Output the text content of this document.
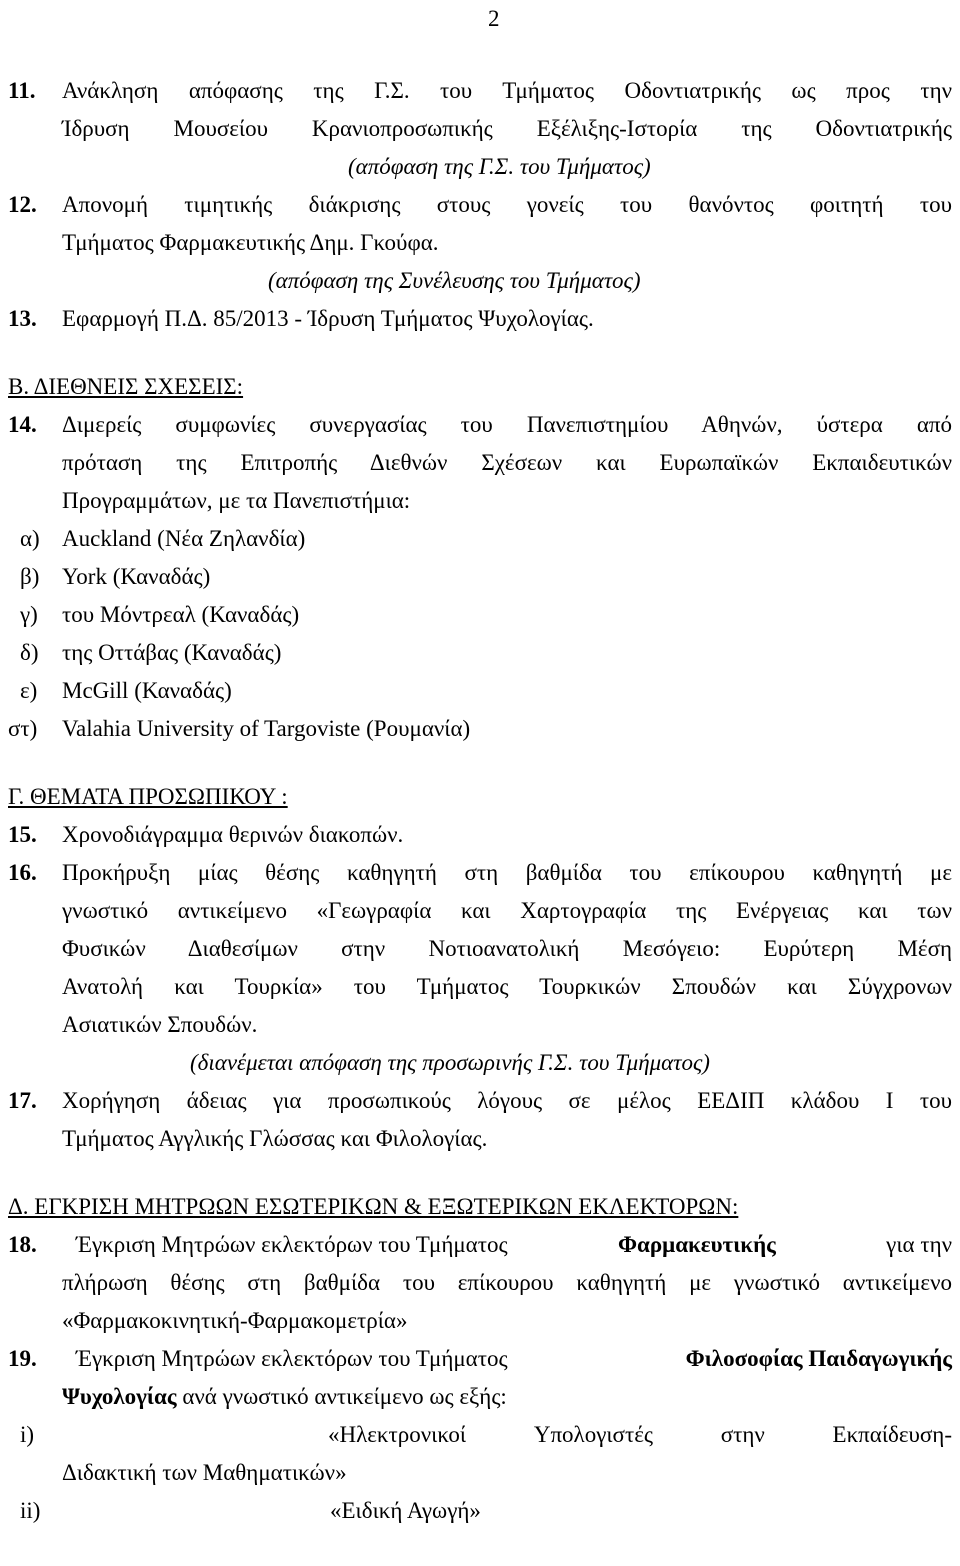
2
11. Ανάκληση απόφασης της Γ.Σ. του Τμήματος Οδοντιατρικής ως προς την
Ίδρυση Μουσείου Κρανιοπροσωπικής Εξέλιξης-Ιστορία της Οδοντιατρικής
(απόφαση της Γ.Σ. του Τμήματος)
12. Απονομή τιμητικής διάκρισης στους γονείς του θανόντος φοιτητή του
Τμήματος Φαρμακευτικής Δημ. Γκούφα.
(απόφαση της Συνέλευσης του Τμήματος)
13. Εφαρμογή Π.Δ. 85/2013 - Ίδρυση Τμήματος Ψυχολογίας.
Β. ΔΙΕΘΝΕΙΣ ΣΧΕΣΕΙΣ:
14. Διμερείς συμφωνίες συνεργασίας του Πανεπιστημίου Αθηνών, ύστερα από
πρόταση της Επιτροπής Διεθνών Σχέσεων και Ευρωπαϊκών Εκπαιδευτικών
Προγραμμάτων, με τα Πανεπιστήμια:
α) Auckland (Νέα Ζηλανδία)
β) York (Καναδάς)
γ) του Μόντρεαλ (Καναδάς)
δ) της Οττάβας (Καναδάς)
ε) McGill (Καναδάς)
στ) Valahia University of Targoviste (Ρουμανία)
Γ. ΘΕΜΑΤΑ ΠΡΟΣΩΠΙΚΟΥ :
15. Χρονοδιάγραμμα θερινών διακοπών.
16. Προκήρυξη μίας θέσης καθηγητή στη βαθμίδα του επίκουρου καθηγητή με
γνωστικό αντικείμενο «Γεωγραφία και Χαρτογραφία της Ενέργειας και των
Φυσικών Διαθεσίμων στην Νοτιοανατολική Μεσόγειο: Ευρύτερη Μέση
Ανατολή και Τουρκία» του Τμήματος Τουρκικών Σπουδών και Σύγχρονων
Ασιατικών Σπουδών.
(διανέμεται απόφαση της προσωρινής Γ.Σ. του Τμήματος)
17. Χορήγηση άδειας για προσωπικούς λόγους σε μέλος ΕΕΔΙΠ κλάδου Ι του
Τμήματος Αγγλικής Γλώσσας και Φιλολογίας.
Δ. ΕΓΚΡΙΣΗ ΜΗΤΡΩΩΝ ΕΣΩΤΕΡΙΚΩΝ & ΕΞΩΤΕΡΙΚΩΝ ΕΚΛΕΚΤΟΡΩΝ:
18. Έγκριση Μητρώων εκλεκτόρων του Τμήματος	Φαρμακευτικής	για την
πλήρωση θέσης στη βαθμίδα του επίκουρου καθηγητή με γνωστικό αντικείμενο
«Φαρμακοκινητική-Φαρμακομετρία»
19. Έγκριση Μητρώων εκλεκτόρων του Τμήματος	Φιλοσοφίας Παιδαγωγικής
Ψυχολογίας ανά γνωστικό αντικείμενο ως εξής:
i)	«Ηλεκτρονικοί	Υπολογιστές	στην	Εκπαίδευση-
Διδακτική των Μαθηματικών»
ii)	«Ειδική Αγωγή»
